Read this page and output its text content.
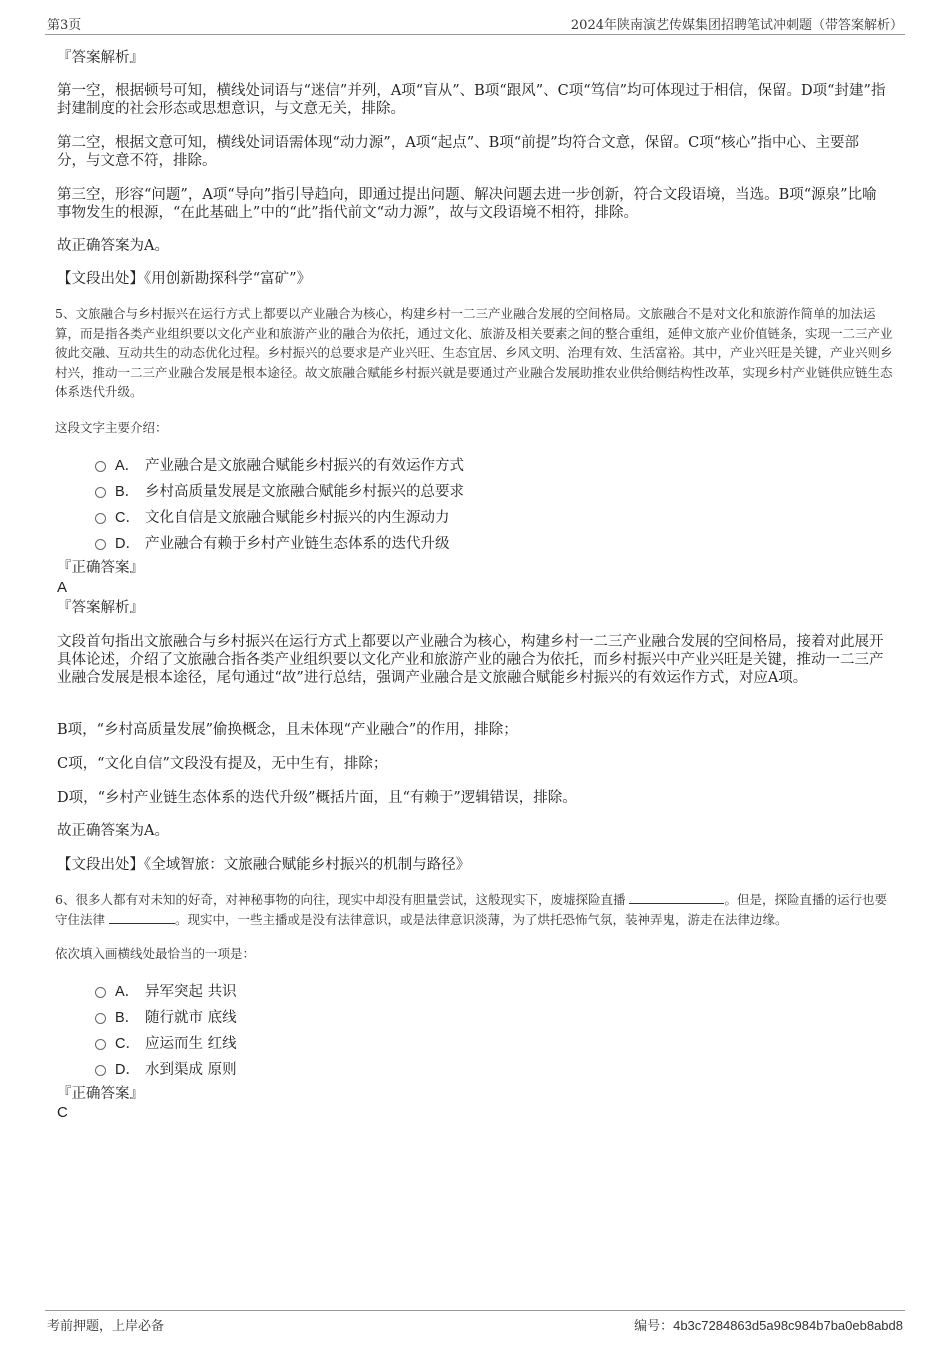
第3页	2024年陕南演艺传媒集团招聘笔试冲刺题（带答案解析）
『答案解析』
第一空，根据顿号可知，横线处词语与“迷信”并列，A项“盲从”、B项“跟风”、C项“笃信”均可体现过于相信，保留。D项“封建”指封建制度的社会形态或思想意识，与文意无关，排除。
第二空，根据文意可知，横线处词语需体现“动力源”，A项“起点”、B项“前提”均符合文意，保留。C项“核心”指中心、主要部分，与文意不符，排除。
第三空，形容“问题”，A项“导向”指引导趋向，即通过提出问题、解决问题去进一步创新，符合文段语境，当选。B项“源泉”比喻事物发生的根源，“在此基础上”中的“此”指代前文“动力源”，故与文段语境不相符，排除。
故正确答案为A。
【文段出处】《用创新勘探科学“富矿”》
5、文旅融合与乡村振兴在运行方式上都要以产业融合为核心，构建乡村一二三产业融合发展的空间格局。文旅融合不是对文化和旅游作简单的加法运算，而是指各类产业组织要以文化产业和旅游产业的融合为依托，通过文化、旅游及相关要素之间的整合重组，延伸文旅产业价值链条，实现一二三产业彼此交融、互动共生的动态优化过程。乡村振兴的总要求是产业兴旺、生态宜居、乡风文明、治理有效、生活富裕。其中，产业兴旺是关键，产业兴则乡村兴，推动一二三产业融合发展是根本途径。故文旅融合赋能乡村振兴就是要通过产业融合发展助推农业供给侧结构性改革，实现乡村产业链供应链生态体系迭代升级。
这段文字主要介绍：
A． 产业融合是文旅融合赋能乡村振兴的有效运作方式
B． 乡村高质量发展是文旅融合赋能乡村振兴的总要求
C． 文化自信是文旅融合赋能乡村振兴的内生源动力
D． 产业融合有赖于乡村产业链生态体系的迭代升级
『正确答案』
A
『答案解析』
文段首句指出文旅融合与乡村振兴在运行方式上都要以产业融合为核心，构建乡村一二三产业融合发展的空间格局，接着对此展开具体论述，介绍了文旅融合指各类产业组织要以文化产业和旅游产业的融合为依托，而乡村振兴中产业兴旺是关键，推动一二三产业融合发展是根本途径，尾句通过“故”进行总结，强调产业融合是文旅融合赋能乡村振兴的有效运作方式，对应A项。
B项，“乡村高质量发展”偷换概念，且未体现“产业融合”的作用，排除；
C项，“文化自信”文段没有提及，无中生有，排除；
D项，“乡村产业链生态体系的迭代升级”概括片面，且“有赖于”逻辑错误，排除。
故正确答案为A。
【文段出处】《全域智旅：文旅融合赋能乡村振兴的机制与路径》
6、很多人都有对未知的好奇，对神秘事物的向往，现实中却没有胆量尝试，这般现实下，废墟探险直播	。但是，探险直播的运行也要守住法律	。现实中，一些主播或是没有法律意识，或是法律意识淡薄，为了烘托恐怖气氛，装神弄鬼，游走在法律边缘。
依次填入画横线处最恰当的一项是：
A． 异军突起 共识
B． 随行就市 底线
C． 应运而生 红线
D． 水到渠成 原则
『正确答案』
C
考前押题，上岸必备	编号：4b3c7284863d5a98c984b7ba0eb8abd8
